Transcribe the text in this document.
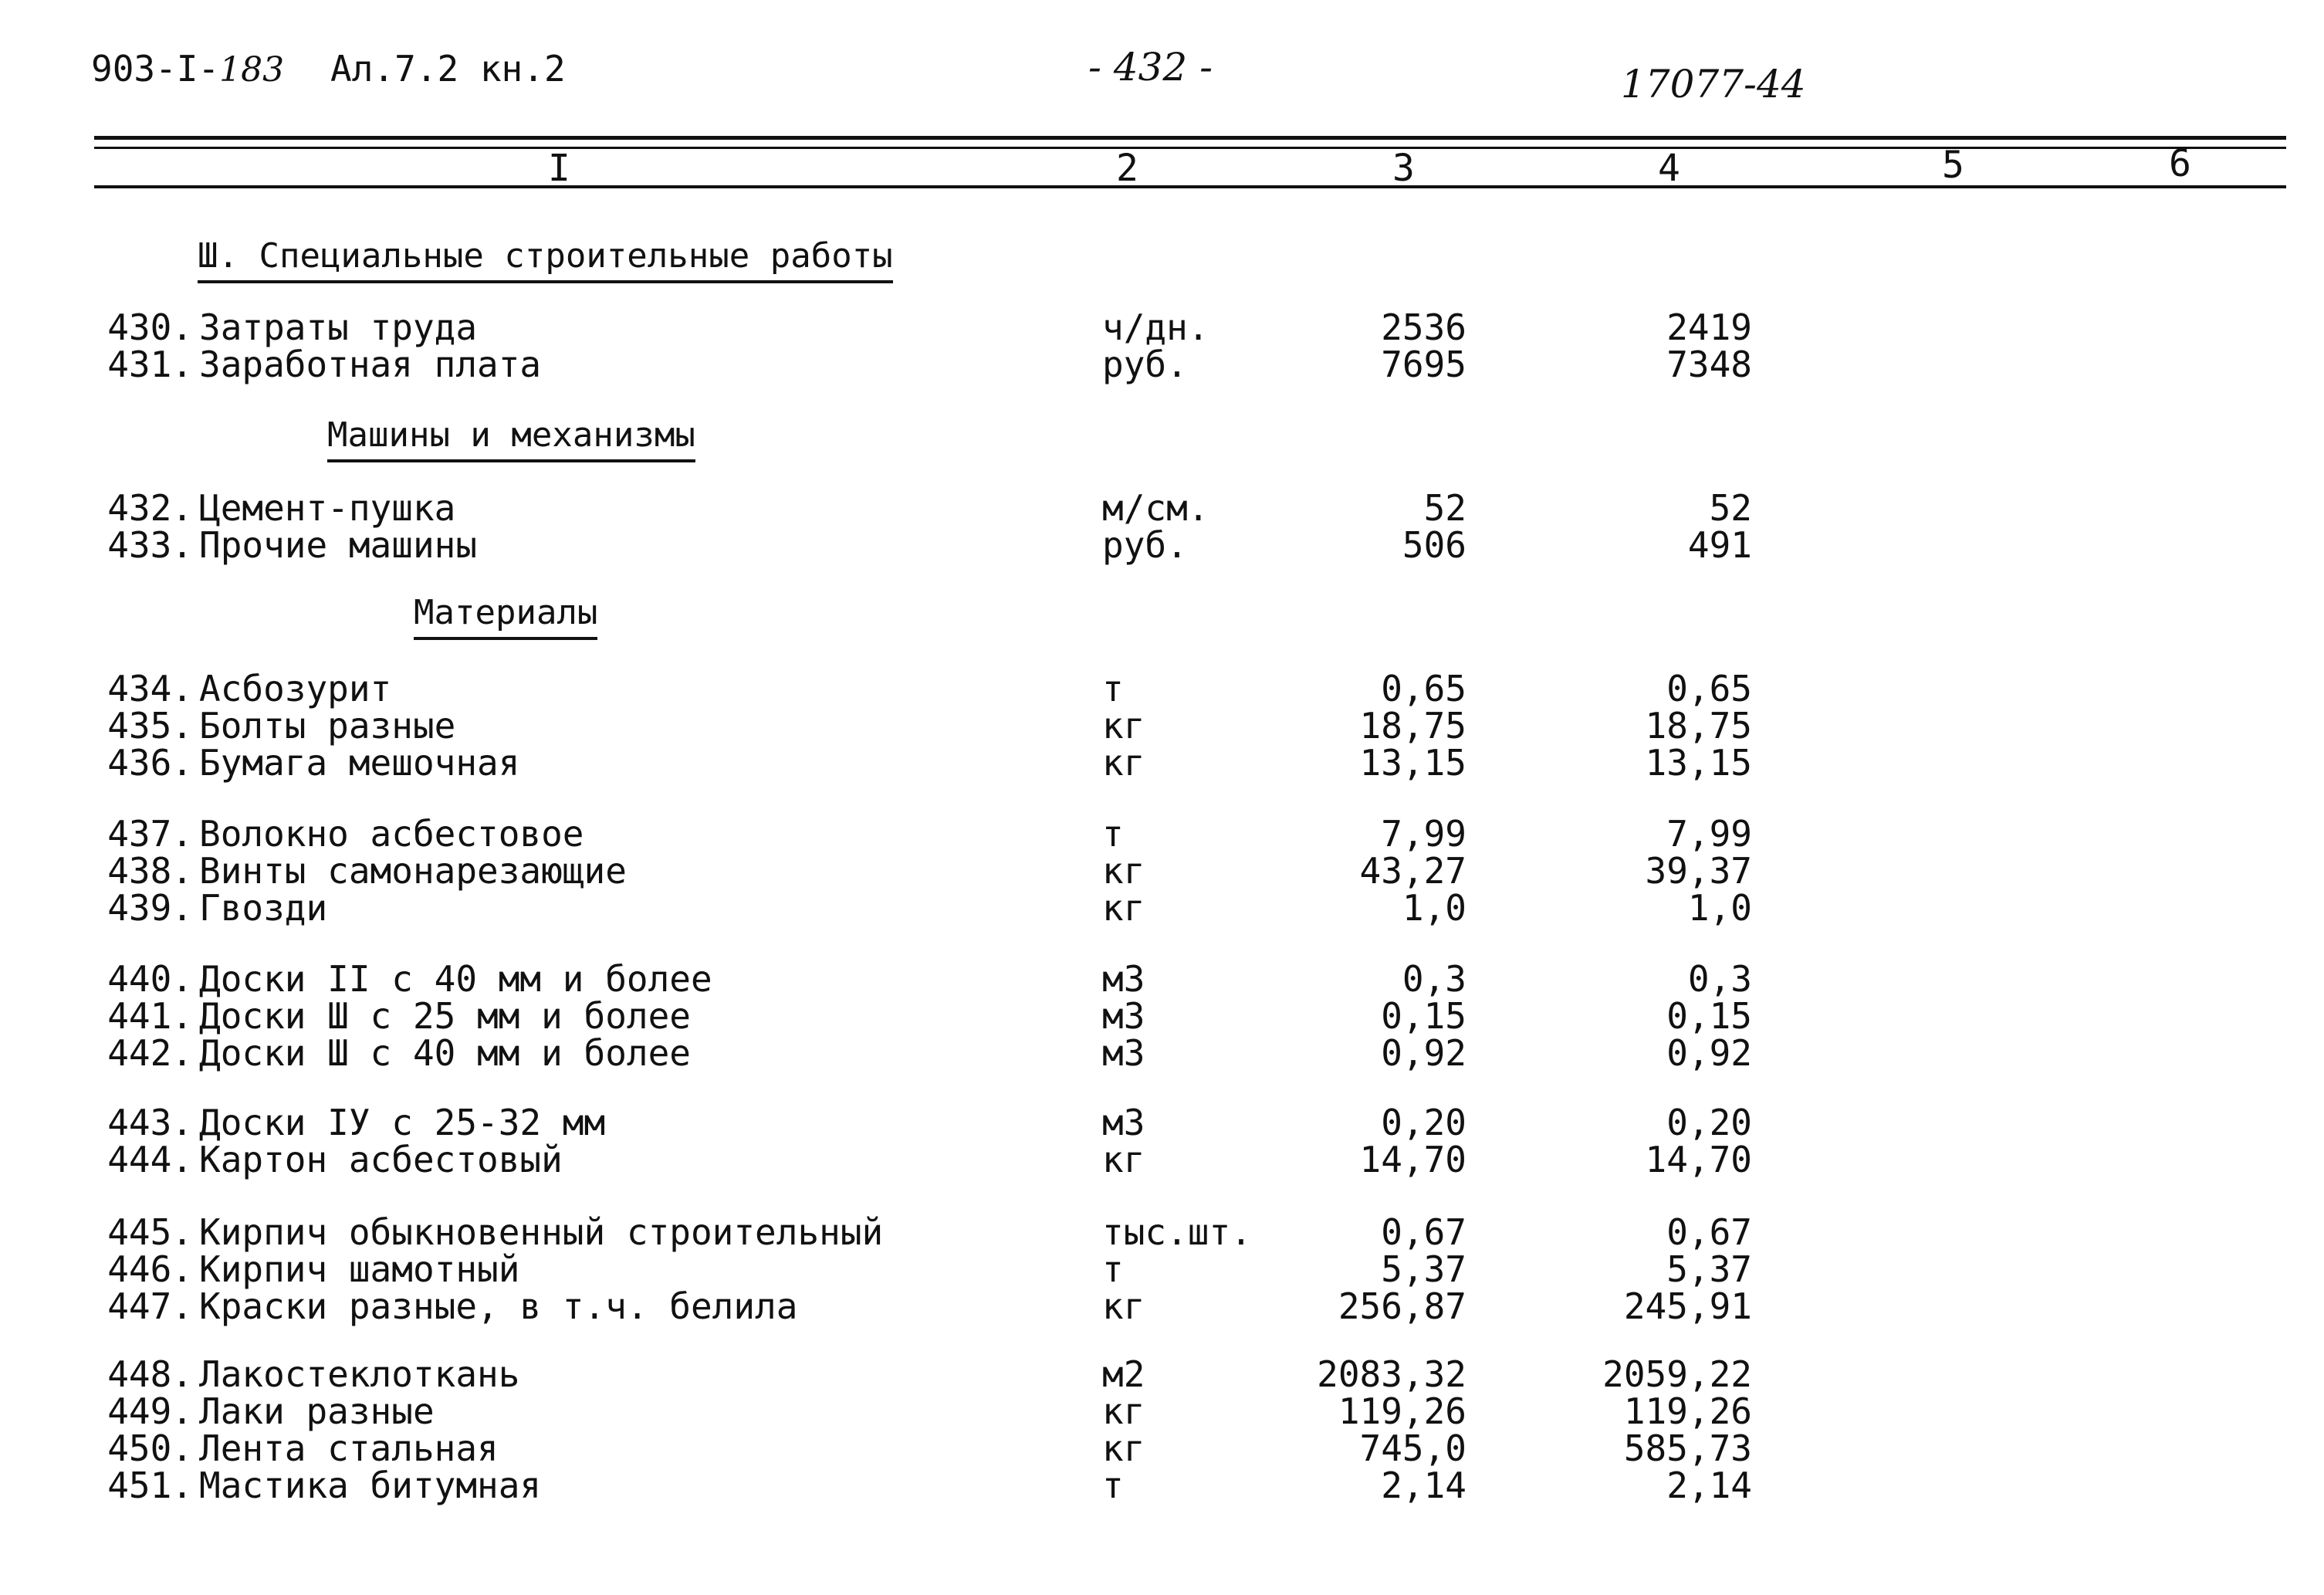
903-I-183 Ал.7.2 кн.2	- 432 -	17077-44
I	2	3	4	5	6
Ш. Специальные строительные работы
Машины и механизмы
Материалы
430. Затраты труда	ч/дн.	2536	2419
431. Заработная плата	руб.	7695	7348
432. Цемент-пушка	м/см.	52	52
433. Прочие машины	руб.	506	491
434. Асбозурит	т	0,65	0,65
435. Болты разные	кг	18,75	18,75
436. Бумага мешочная	кг	13,15	13,15
437. Волокно асбестовое	т	7,99	7,99
438. Винты самонарезающие	кг	43,27	39,37
439. Гвозди	кг	1,0	1,0
440. Доски II с 40 мм и более	м3	0,3	0,3
441. Доски Ш с 25 мм и более	м3	0,15	0,15
442. Доски Ш с 40 мм и более	м3	0,92	0,92
443. Доски IУ с 25-32 мм	м3	0,20	0,20
444. Картон асбестовый	кг	14,70	14,70
445. Кирпич обыкновенный строительный	тыс.шт.	0,67	0,67
446. Кирпич шамотный	т	5,37	5,37
447. Краски разные, в т.ч. белила	кг	256,87	245,91
448. Лакостеклоткань	м2	2083,32	2059,22
449. Лаки разные	кг	119,26	119,26
450. Лента стальная	кг	745,0	585,73
451. Мастика битумная	т	2,14	2,14
